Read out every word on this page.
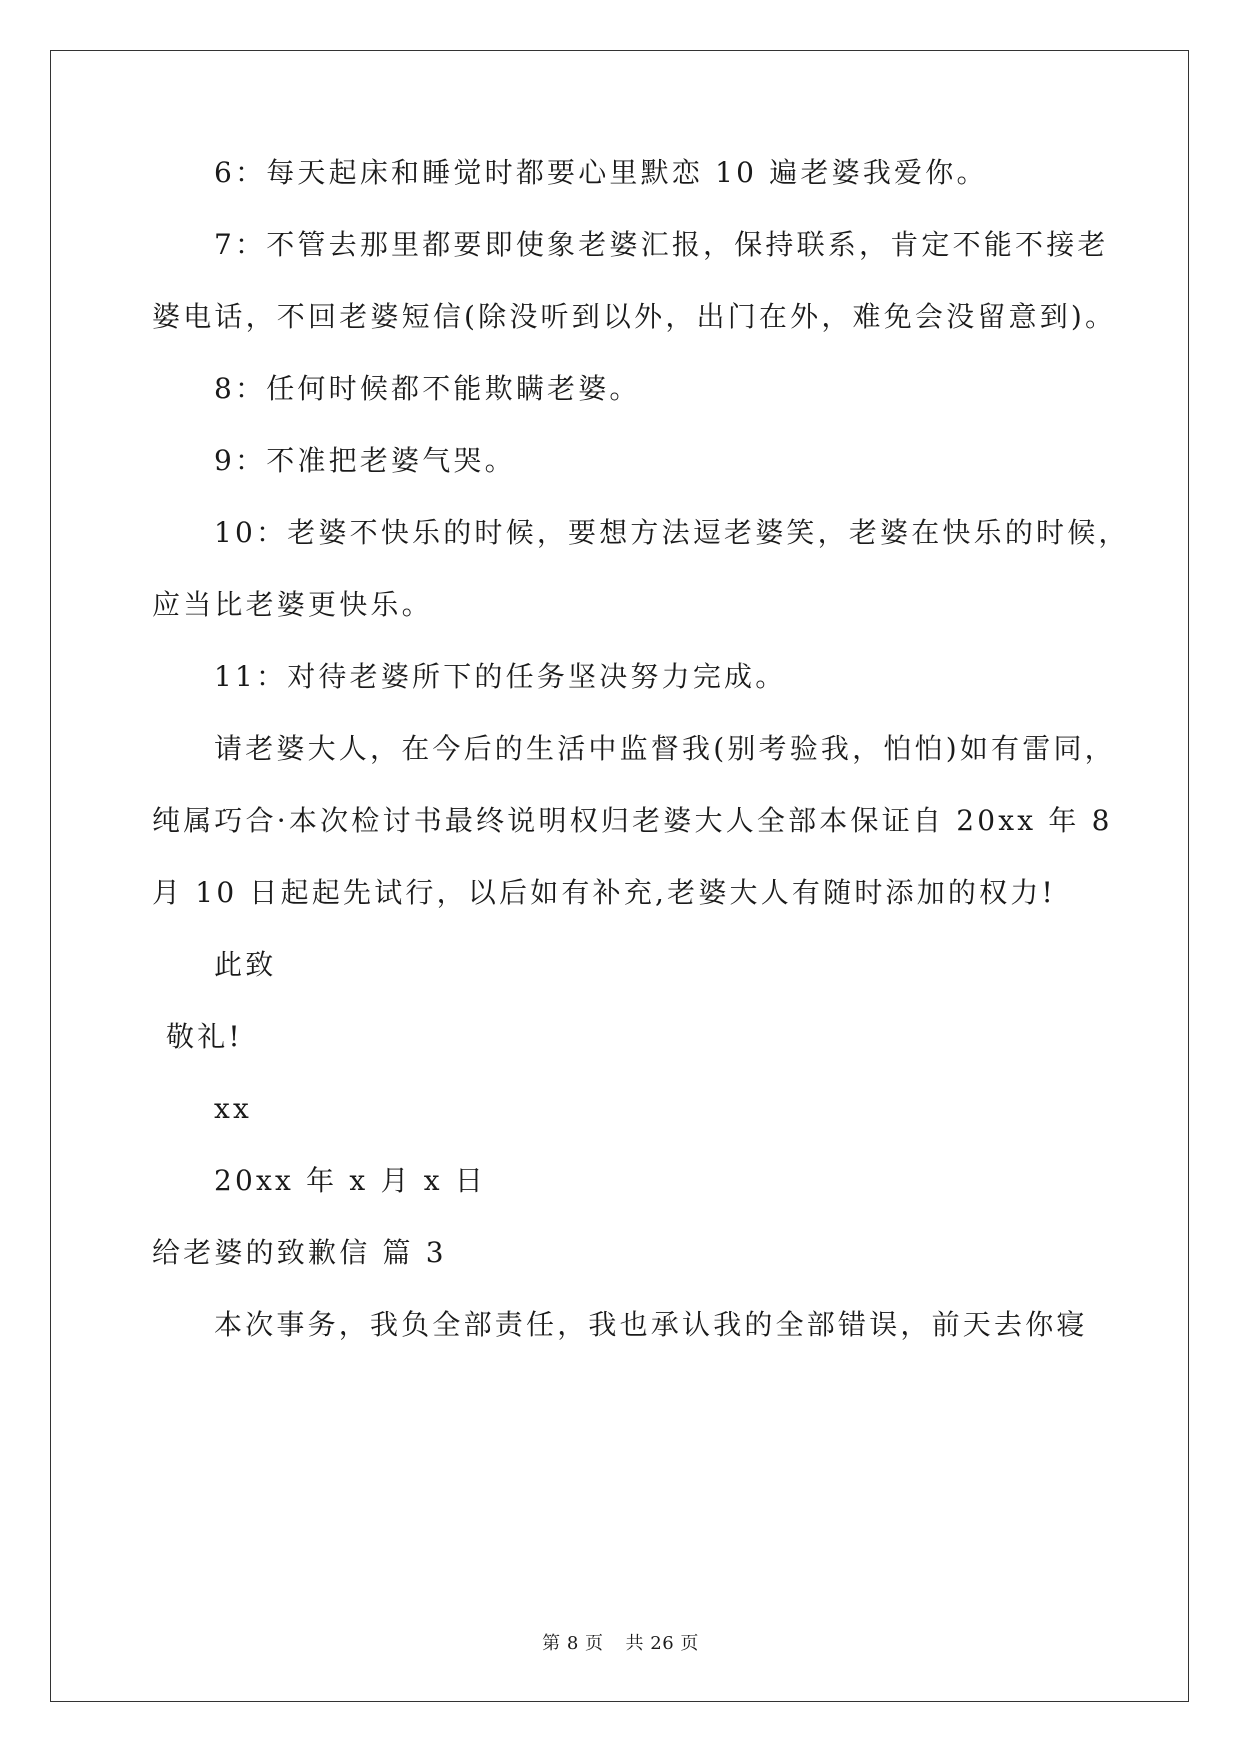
6：每天起床和睡觉时都要心里默恋 10 遍老婆我爱你。
7：不管去那里都要即使象老婆汇报，保持联系，肯定不能不接老
婆电话，不回老婆短信(除没听到以外，出门在外，难免会没留意到)。
8：任何时候都不能欺瞒老婆。
9：不准把老婆气哭。
10：老婆不快乐的时候，要想方法逗老婆笑，老婆在快乐的时候，
应当比老婆更快乐。
11：对待老婆所下的任务坚决努力完成。
请老婆大人，在今后的生活中监督我(别考验我，怕怕)如有雷同，
纯属巧合·本次检讨书最终说明权归老婆大人全部本保证自 20xx 年 8
月 10 日起起先试行，以后如有补充,老婆大人有随时添加的权力!
此致
敬礼!
xx
20xx 年 x 月 x 日
给老婆的致歉信 篇 3
本次事务，我负全部责任，我也承认我的全部错误，前天去你寝
第 8 页 共 26 页
